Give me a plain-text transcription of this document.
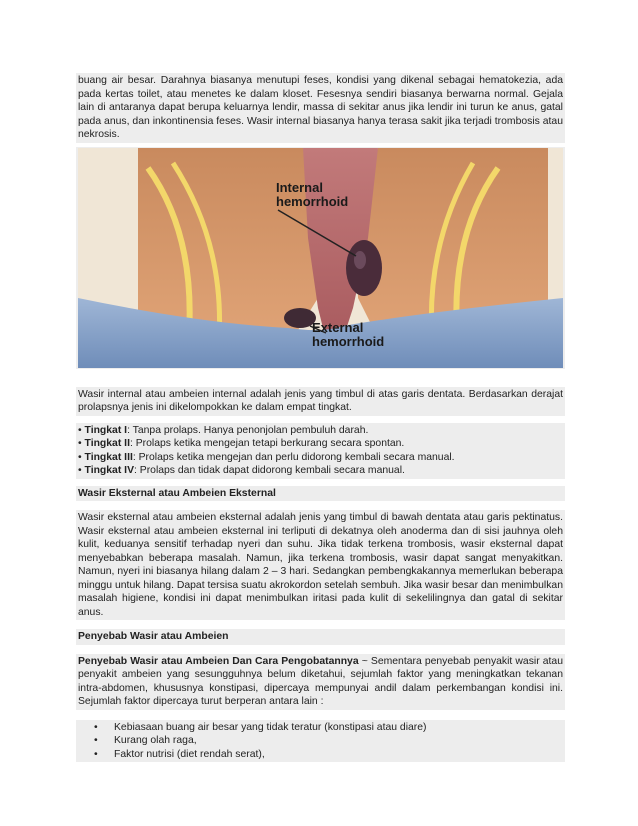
buang air besar. Darahnya biasanya menutupi feses, kondisi yang dikenal sebagai hematokezia, ada pada kertas toilet, atau menetes ke dalam kloset. Fesesnya sendiri biasanya berwarna normal. Gejala lain di antaranya dapat berupa keluarnya lendir, massa di sekitar anus jika lendir ini turun ke anus, gatal pada anus, dan inkontinensia feses. Wasir internal biasanya hanya terasa sakit jika terjadi trombosis atau nekrosis.
Internal
hemorrhoid
External
hemorrhoid
Wasir internal atau ambeien internal adalah jenis yang timbul di atas garis dentata. Berdasarkan derajat prolapsnya jenis ini dikelompokkan ke dalam empat tingkat.
• Tingkat I: Tanpa prolaps. Hanya penonjolan pembuluh darah.
• Tingkat II: Prolaps ketika mengejan tetapi berkurang secara spontan.
• Tingkat III: Prolaps ketika mengejan dan perlu didorong kembali secara manual.
• Tingkat IV: Prolaps dan tidak dapat didorong kembali secara manual.
Wasir Eksternal atau Ambeien Eksternal
Wasir eksternal atau ambeien eksternal adalah jenis yang timbul di bawah dentata atau garis pektinatus. Wasir eksternal atau ambeien eksternal ini terliputi di dekatnya oleh anoderma dan di sisi jauhnya oleh kulit, keduanya sensitif terhadap nyeri dan suhu. Jika tidak terkena trombosis, wasir eksternal dapat menyebabkan beberapa masalah. Namun, jika terkena trombosis, wasir dapat sangat menyakitkan. Namun, nyeri ini biasanya hilang dalam 2 – 3 hari. Sedangkan pembengkakannya memerlukan beberapa minggu untuk hilang. Dapat tersisa suatu akrokordon setelah sembuh. Jika wasir besar dan menimbulkan masalah higiene, kondisi ini dapat menimbulkan iritasi pada kulit di sekelilingnya dan gatal di sekitar anus.
Penyebab Wasir atau Ambeien
Penyebab Wasir atau Ambeien Dan Cara Pengobatannya ~ Sementara penyebab penyakit wasir atau penyakit ambeien yang sesungguhnya belum diketahui, sejumlah faktor yang meningkatkan tekanan intra-abdomen, khususnya konstipasi, dipercaya mempunyai andil dalam perkembangan kondisi ini. Sejumlah faktor dipercaya turut berperan antara lain :
• Kebiasaan buang air besar yang tidak teratur (konstipasi atau diare)
• Kurang olah raga,
• Faktor nutrisi (diet rendah serat),
